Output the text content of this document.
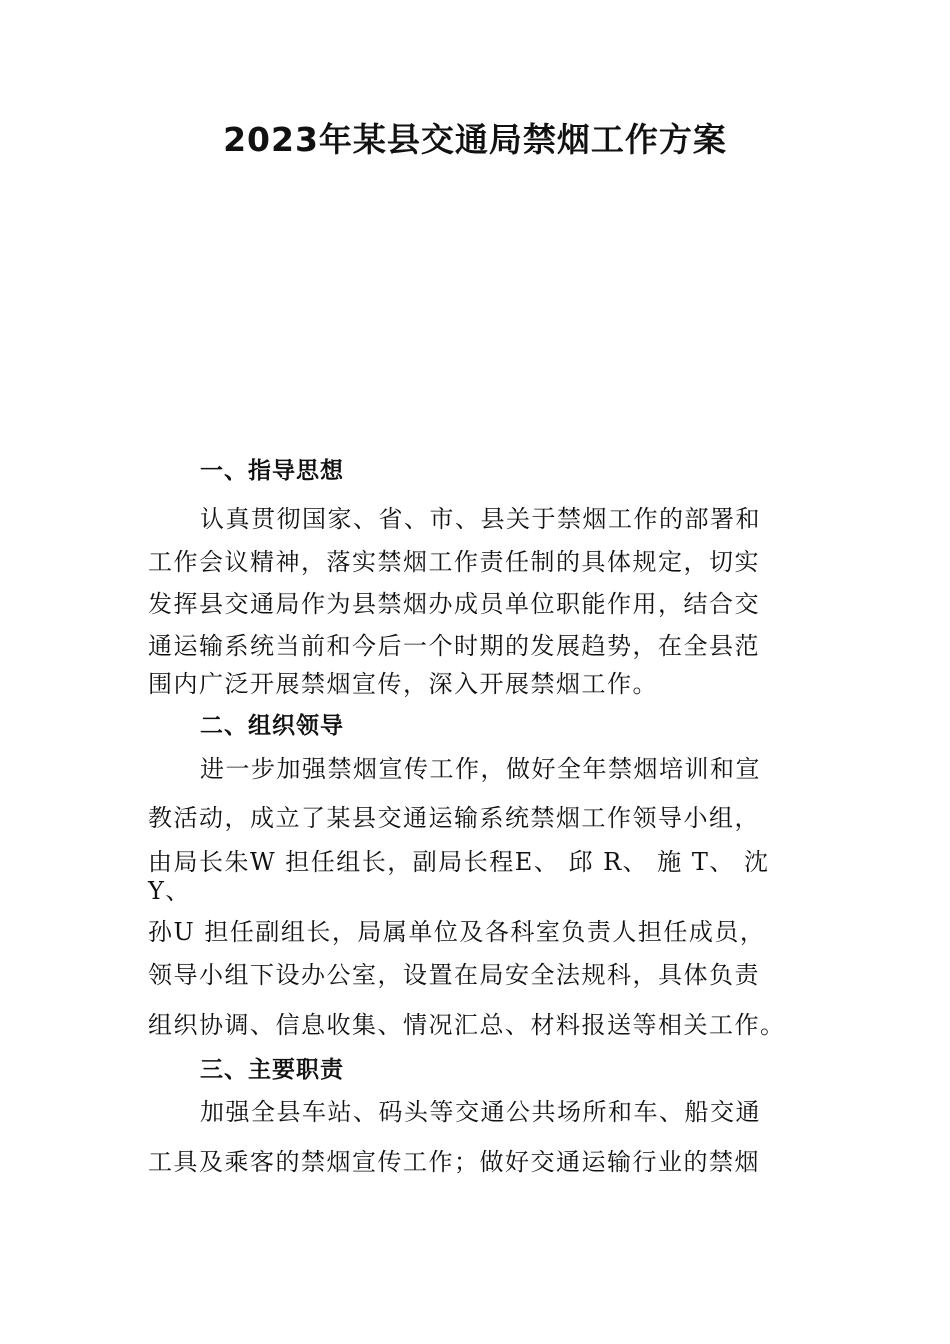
2023年某县交通局禁烟工作方案
一、指导思想

认真贯彻国家、省、市、县关于禁烟工作的部署和

工作会议精神，落实禁烟工作责任制的具体规定，切实

发挥县交通局作为县禁烟办成员单位职能作用，结合交

通运输系统当前和今后一个时期的发展趋势，在全县范

围内广泛开展禁烟宣传，深入开展禁烟工作。

二、组织领导

进一步加强禁烟宣传工作，做好全年禁烟培训和宣

教活动，成立了某县交通运输系统禁烟工作领导小组，

由局长朱W 担任组长，副局长程E、 邱 R、 施 T、 沈

Y、

孙U 担任副组长，局属单位及各科室负责人担任成员，

领导小组下设办公室，设置在局安全法规科，具体负责

组织协调、信息收集、情况汇总、材料报送等相关工作。

三、主要职责

加强全县车站、码头等交通公共场所和车、船交通

工具及乘客的禁烟宣传工作；做好交通运输行业的禁烟
